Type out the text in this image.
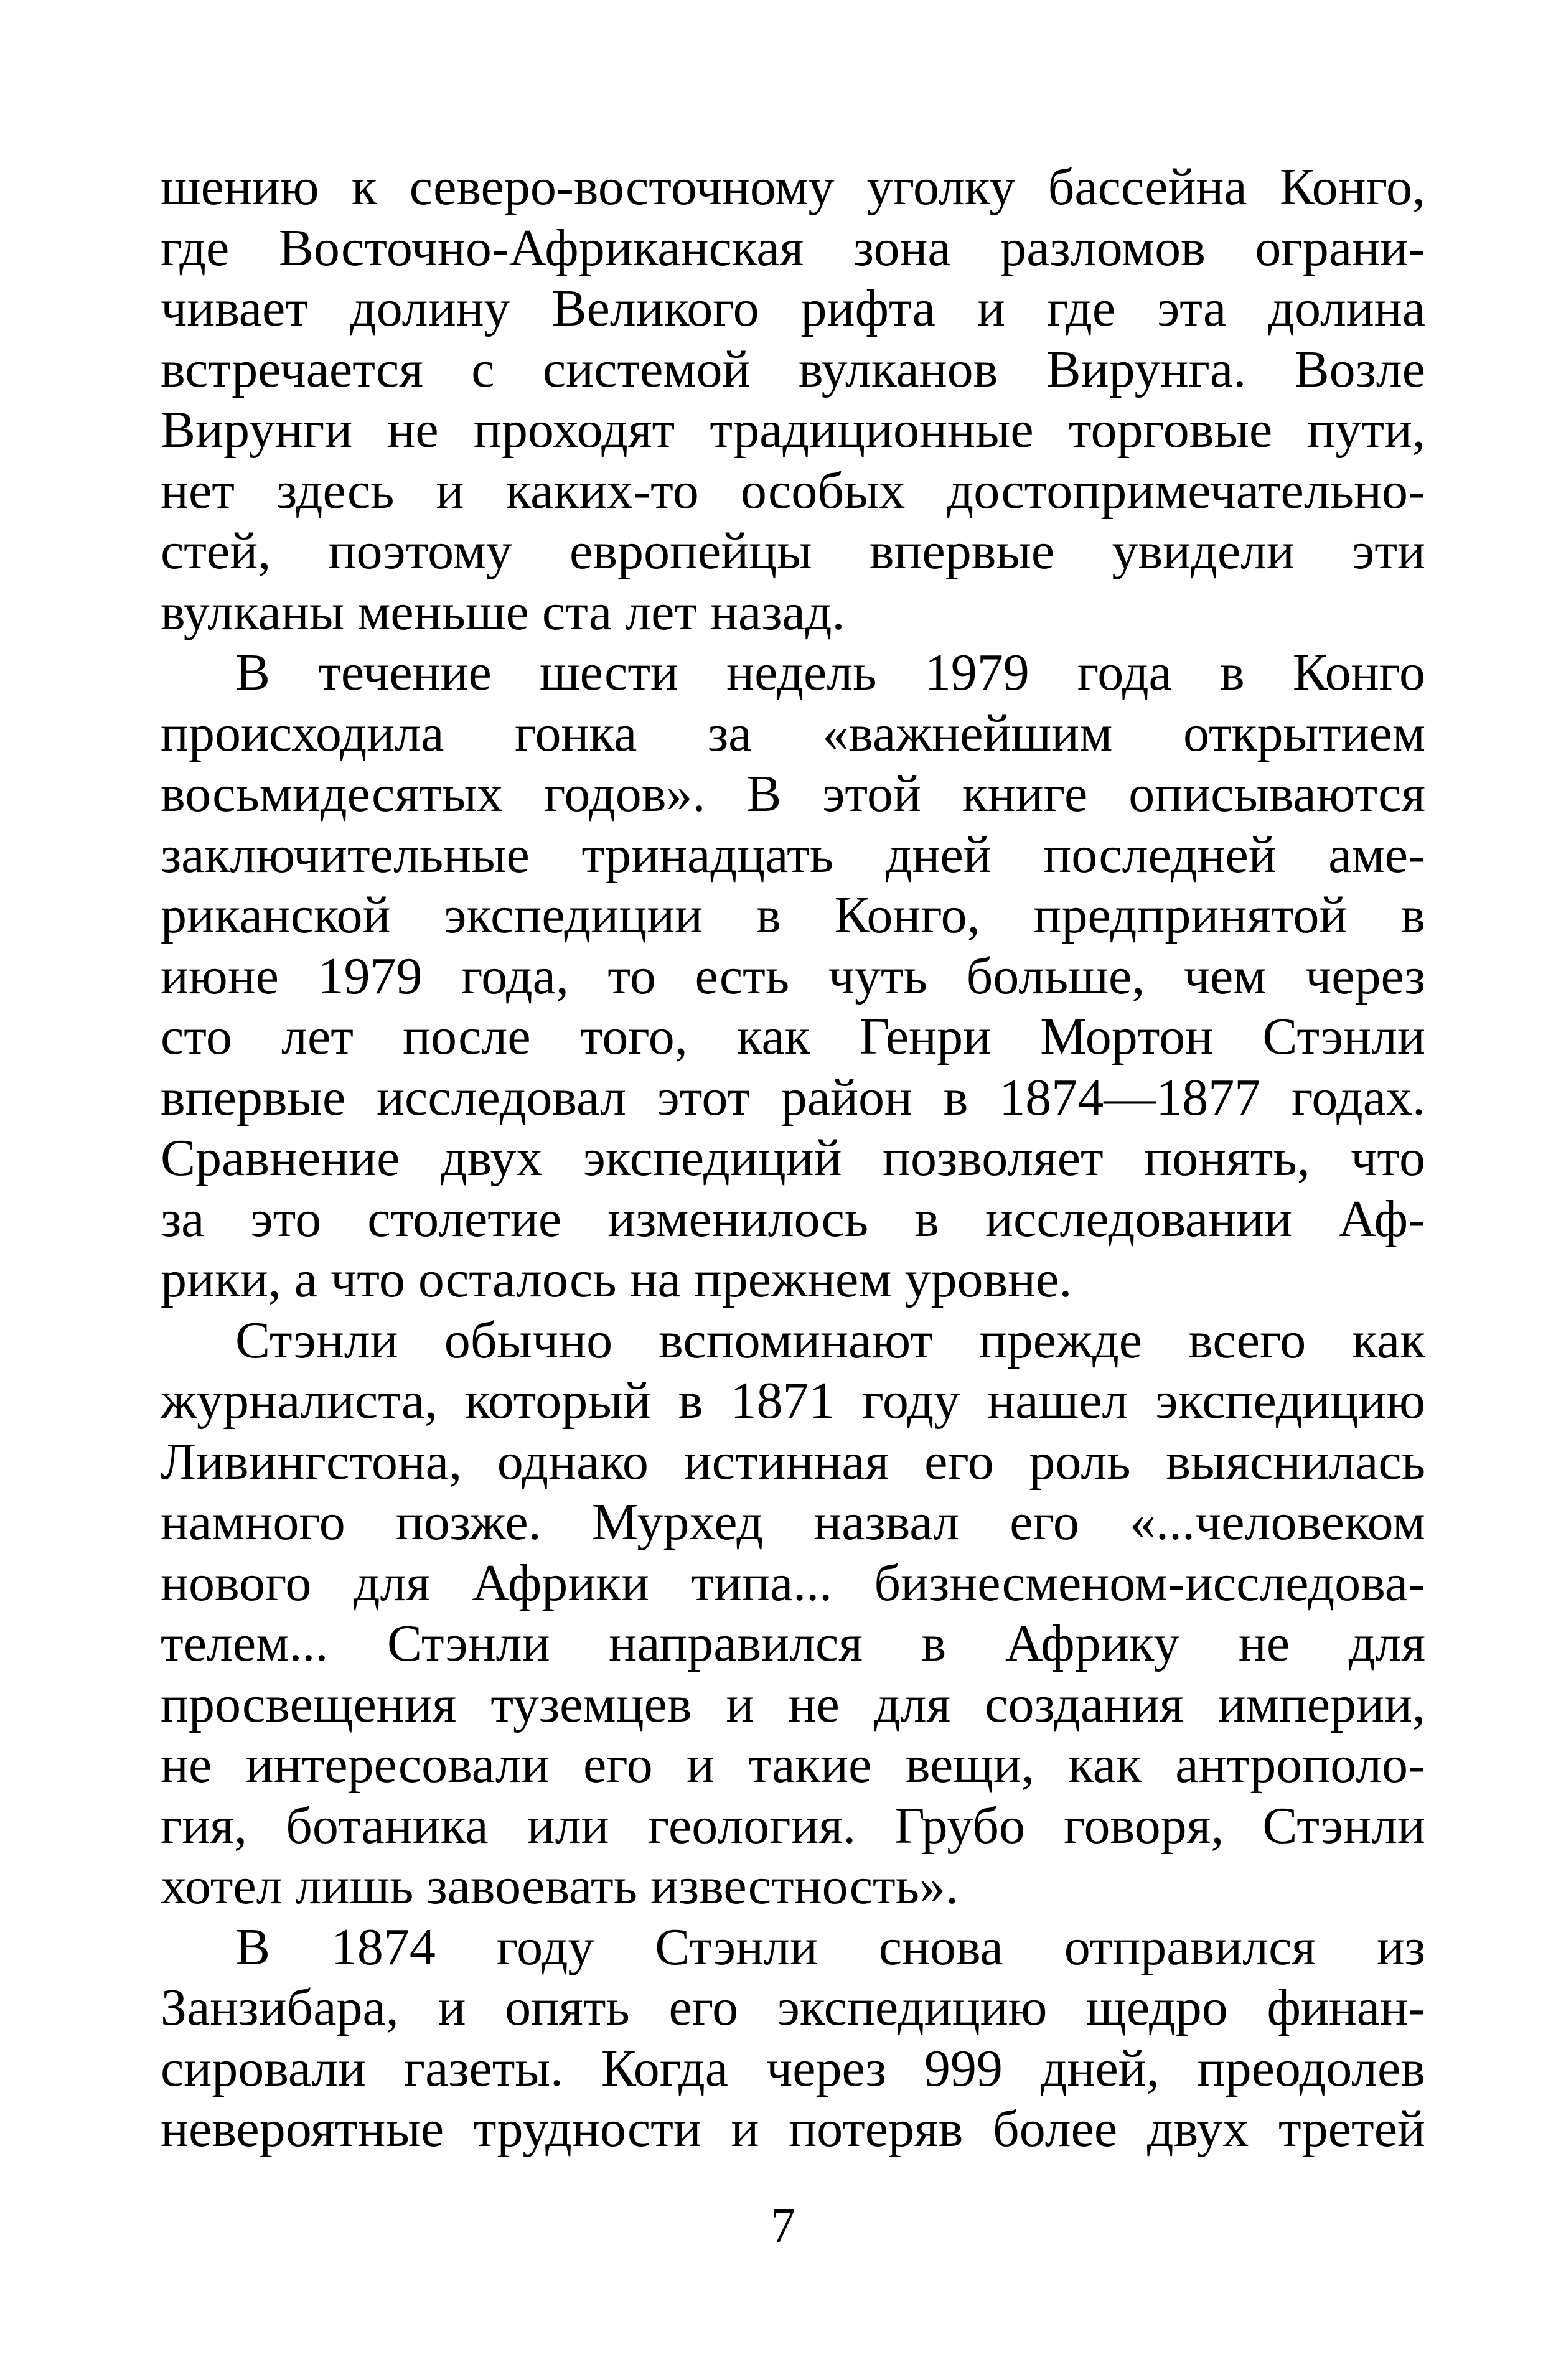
шению к северо-восточному уголку бассейна Конго,
где Восточно-Африканская зона разломов ограни-
чивает долину Великого рифта и где эта долина
встречается с системой вулканов Вирунга. Возле
Вирунги не проходят традиционные торговые пути,
нет здесь и каких-то особых достопримечательно-
стей, поэтому европейцы впервые увидели эти
вулканы меньше ста лет назад.
В течение шести недель 1979 года в Конго
происходила гонка за «важнейшим открытием
восьмидесятых годов». В этой книге описываются
заключительные тринадцать дней последней аме-
риканской экспедиции в Конго, предпринятой в
июне 1979 года, то есть чуть больше, чем через
сто лет после того, как Генри Мортон Стэнли
впервые исследовал этот район в 1874—1877 годах.
Сравнение двух экспедиций позволяет понять, что
за это столетие изменилось в исследовании Аф-
рики, а что осталось на прежнем уровне.
Стэнли обычно вспоминают прежде всего как
журналиста, который в 1871 году нашел экспедицию
Ливингстона, однако истинная его роль выяснилась
намного позже. Мурхед назвал его «...человеком
нового для Африки типа... бизнесменом-исследова-
телем... Стэнли направился в Африку не для
просвещения туземцев и не для создания империи,
не интересовали его и такие вещи, как антрополо-
гия, ботаника или геология. Грубо говоря, Стэнли
хотел лишь завоевать известность».
В 1874 году Стэнли снова отправился из
Занзибара, и опять его экспедицию щедро финан-
сировали газеты. Когда через 999 дней, преодолев
невероятные трудности и потеряв более двух третей
7
